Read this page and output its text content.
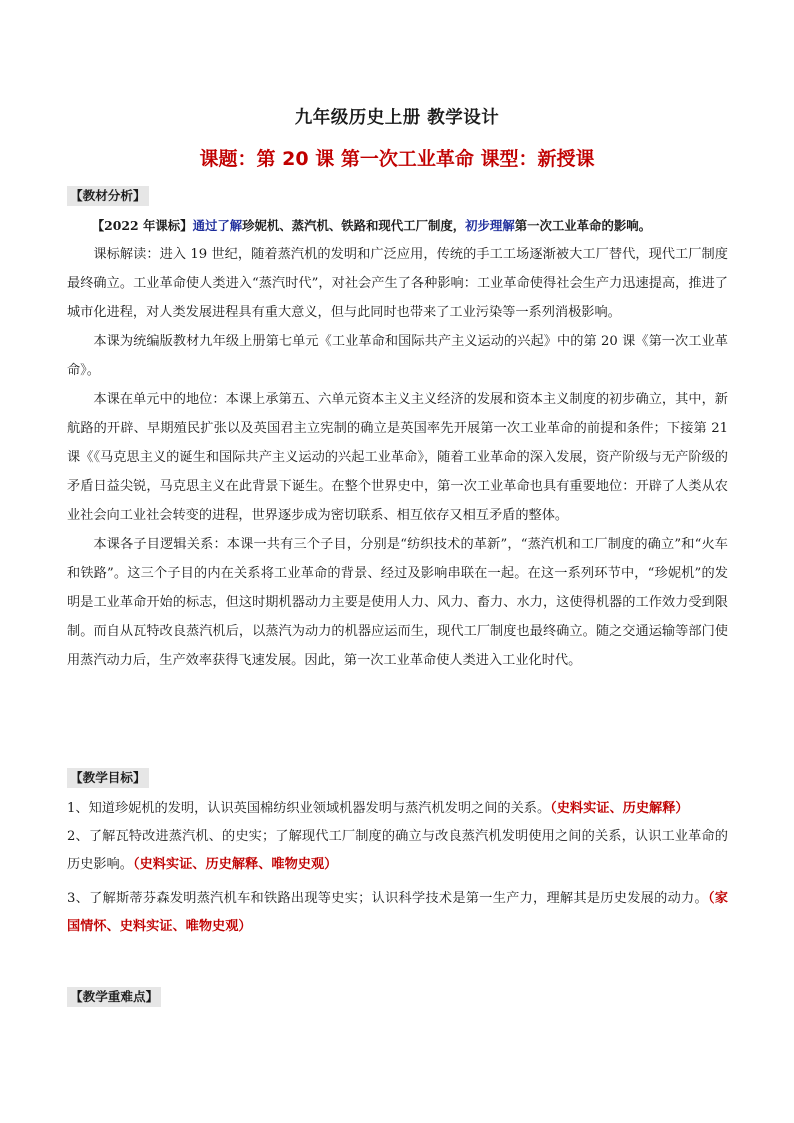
九年级历史上册 教学设计
课题：第 20 课 第一次工业革命 课型：新授课
【教材分析】

【2022 年课标】通过了解珍妮机、蒸汽机、铁路和现代工厂制度，初步理解第一次工业革命的影响。

课标解读：进入 19 世纪，随着蒸汽机的发明和广泛应用，传统的手工工场逐渐被大工厂替代，现代工厂制度最终确立。工业革命使人类进入“蒸汽时代”，对社会产生了各种影响：工业革命使得社会生产力迅速提高，推进了城市化进程，对人类发展进程具有重大意义，但与此同时也带来了工业污染等一系列消极影响。

本课为统编版教材九年级上册第七单元《工业革命和国际共产主义运动的兴起》中的第 20 课《第一次工业革命》。

本课在单元中的地位：本课上承第五、六单元资本主义主义经济的发展和资本主义制度的初步确立，其中，新航路的开辟、早期殖民扩张以及英国君主立宪制的确立是英国率先开展第一次工业革命的前提和条件；下接第 21 课《《马克思主义的诞生和国际共产主义运动的兴起工业革命》，随着工业革命的深入发展，资产阶级与无产阶级的矛盾日益尖锐，马克思主义在此背景下诞生。在整个世界史中，第一次工业革命也具有重要地位：开辟了人类从农业社会向工业社会转变的进程，世界逐步成为密切联系、相互依存又相互矛盾的整体。

本课各子目逻辑关系：本课一共有三个子目，分别是“纺织技术的革新”，“蒸汽机和工厂制度的确立”和“火车和铁路”。这三个子目的内在关系将工业革命的背景、经过及影响串联在一起。在这一系列环节中，“珍妮机”的发明是工业革命开始的标志，但这时期机器动力主要是使用人力、风力、畜力、水力，这使得机器的工作效力受到限制。而自从瓦特改良蒸汽机后，以蒸汽为动力的机器应运而生，现代工厂制度也最终确立。随之交通运输等部门使用蒸汽动力后，生产效率获得飞速发展。因此，第一次工业革命使人类进入工业化时代。

【教学目标】

1、知道珍妮机的发明，认识英国棉纺织业领域机器发明与蒸汽机发明之间的关系。（史料实证、历史解释）

2、了解瓦特改进蒸汽机、的史实；了解现代工厂制度的确立与改良蒸汽机发明使用之间的关系，认识工业革命的历史影响。（史料实证、历史解释、唯物史观）

3、了解斯蒂芬森发明蒸汽机车和铁路出现等史实；认识科学技术是第一生产力，理解其是历史发展的动力。（家国情怀、史料实证、唯物史观）

【教学重难点】
